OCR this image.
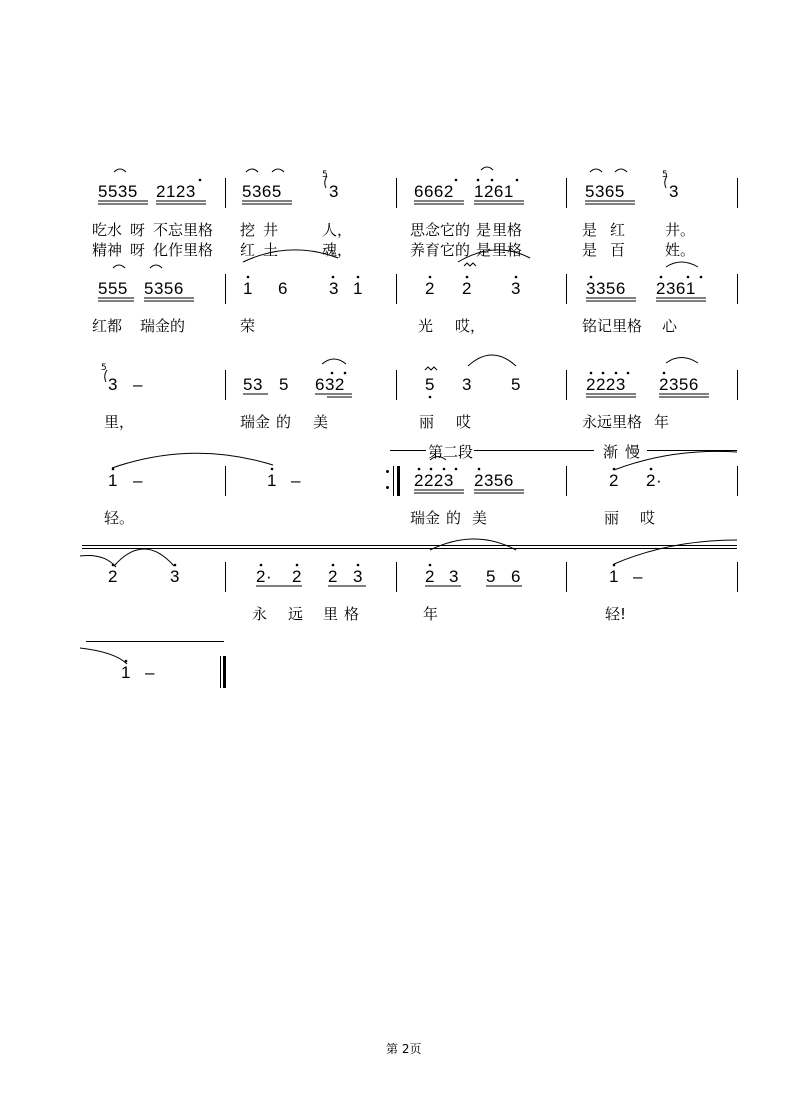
5535 2123	5365	3	6662 1261	5365	3
5	5
吃水 呀 不忘里格 挖井 人，	思念它的 是 里格	是 红	井。
精神 呀 化作里格 红土 魂，	养育它的 是 里格	是 百	姓。
555 5356	1 6 3 1	2 2 3	3356 2361
红都 瑞金的	荣	光 哎，	铭记里格 心
5
3 –	53 5 632	5 3 5	2223 2356
里，	瑞金 的 美	丽 哎	永远里格 年
第二段	渐 慢
1 –	1 –	2223 2356	2 2·
轻。	瑞金 的 美	丽 哎
2	3	2· 2 2 3	2 3 5 6	1 –
永 远 里格	年	轻!
1 –
第 2页
